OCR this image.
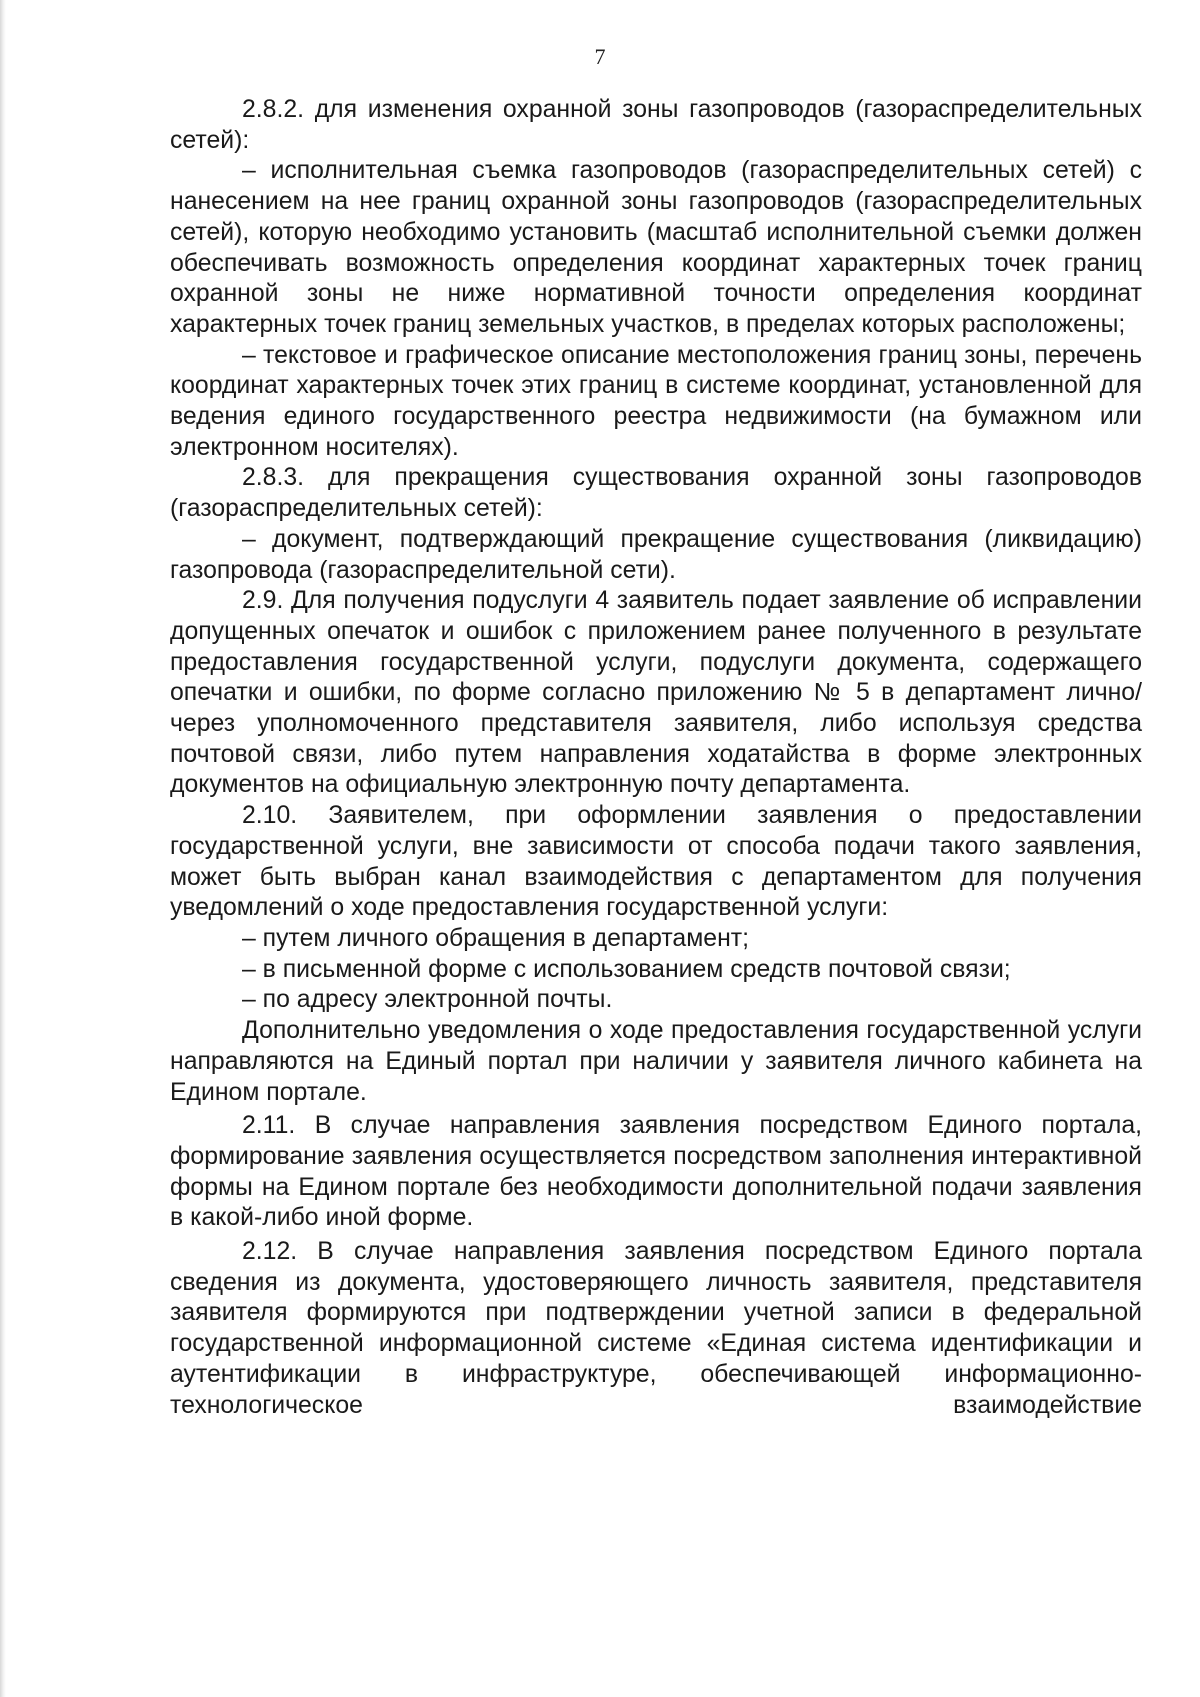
7

2.8.2. для изменения охранной зоны газопроводов (газораспределительных сетей):

– исполнительная съемка газопроводов (газораспределительных сетей) с нанесением на нее границ охранной зоны газопроводов (газораспределительных сетей), которую необходимо установить (масштаб исполнительной съемки должен обеспечивать возможность определения координат характерных точек границ охранной зоны не ниже нормативной точности определения координат характерных точек границ земельных участков, в пределах которых расположены;

– текстовое и графическое описание местоположения границ зоны, перечень координат характерных точек этих границ в системе координат, установленной для ведения единого государственного реестра недвижимости (на бумажном или электронном носителях).

2.8.3. для прекращения существования охранной зоны газопроводов (газораспределительных сетей):

– документ, подтверждающий прекращение существования (ликвидацию) газопровода (газораспределительной сети).

2.9. Для получения подуслуги 4 заявитель подает заявление об исправлении допущенных опечаток и ошибок с приложением ранее полученного в результате предоставления государственной услуги, подуслуги документа, содержащего опечатки и ошибки, по форме согласно приложению № 5 в департамент лично/через уполномоченного представителя заявителя, либо используя средства почтовой связи, либо путем направления ходатайства в форме электронных документов на официальную электронную почту департамента.

2.10. Заявителем, при оформлении заявления о предоставлении государственной услуги, вне зависимости от способа подачи такого заявления, может быть выбран канал взаимодействия с департаментом для получения уведомлений о ходе предоставления государственной услуги:

– путем личного обращения в департамент;

– в письменной форме с использованием средств почтовой связи;

– по адресу электронной почты.

Дополнительно уведомления о ходе предоставления государственной услуги направляются на Единый портал при наличии у заявителя личного кабинета на Едином портале.

2.11. В случае направления заявления посредством Единого портала, формирование заявления осуществляется посредством заполнения интерактивной формы на Едином портале без необходимости дополнительной подачи заявления в какой-либо иной форме.

2.12. В случае направления заявления посредством Единого портала сведения из документа, удостоверяющего личность заявителя, представителя заявителя формируются при подтверждении учетной записи в федеральной государственной информационной системе «Единая система идентификации и аутентификации в инфраструктуре, обеспечивающей информационно-технологическое взаимодействие
